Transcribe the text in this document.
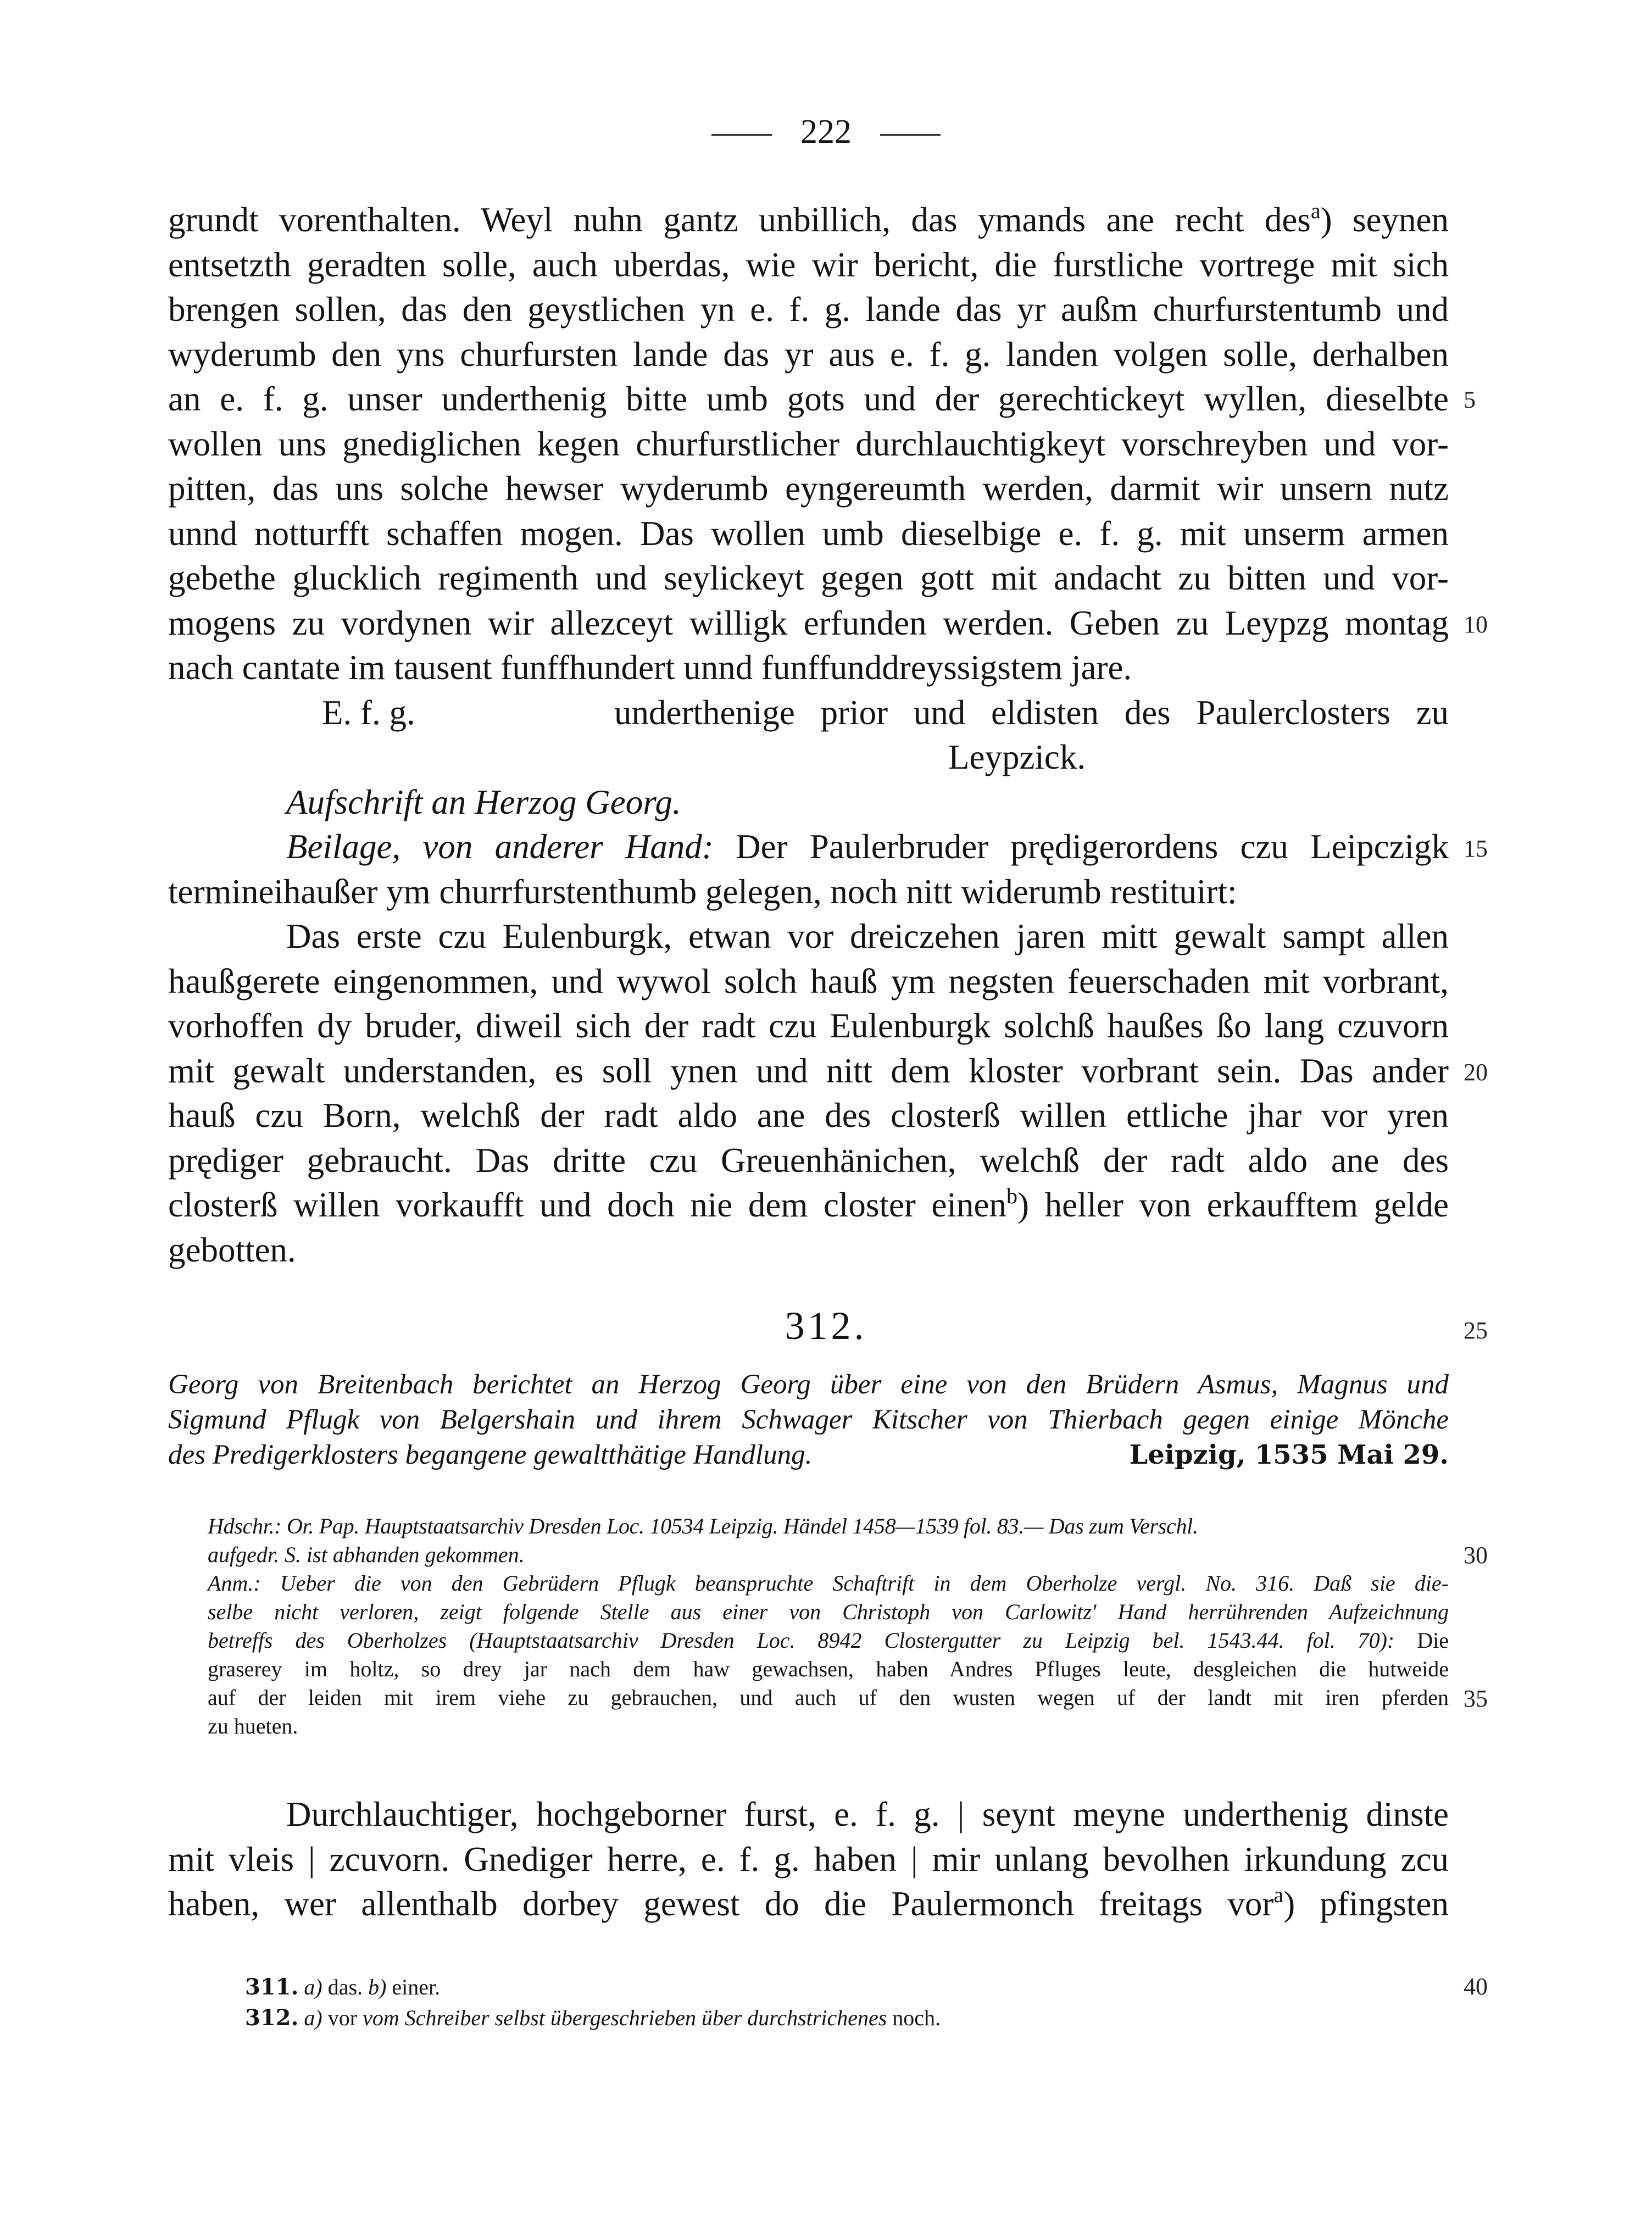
222
grundt vorenthalten. Weyl nuhn gantz unbillich, das ymands ane recht des$^a$) seynen
entsetzth geradten solle, auch uberdas, wie wir bericht, die furstliche vortrege mit sich
brengen sollen, das den geystlichen yn e. f. g. lande das yr außm churfurstentumb und
wyderumb den yns churfursten lande das yr aus e. f. g. landen volgen solle, derhalben
an e. f. g. unser underthenig bitte umb gots und der gerechtickeyt wyllen, dieselbte
wollen uns gnediglichen kegen churfurstlicher durchlauchtigkeyt vorschreyben und vor-
pitten, das uns solche hewser wyderumb eyngereumth werden, darmit wir unsern nutz
unnd notturfft schaffen mogen. Das wollen umb dieselbige e. f. g. mit unserm armen
gebethe glucklich regimenth und seylickeyt gegen gott mit andacht zu bitten und vor-
mogens zu vordynen wir allezceyt willigk erfunden werden. Geben zu Leypzg montag
nach cantate im tausent funffhundert unnd funffunddreyssigstem jare.
E. f. g.	underthenige prior und eldisten des Paulerclosters zu
Leypzick.
Aufschrift an Herzog Georg.
Beilage, von anderer Hand: Der Paulerbruder prędigerordens czu Leipczigk
termineihaußer ym churrfurstenthumb gelegen, noch nitt widerumb restituirt:
Das erste czu Eulenburgk, etwan vor dreiczehen jaren mitt gewalt sampt allen
haußgerete eingenommen, und wywol solch hauß ym negsten feuerschaden mit vorbrant,
vorhoffen dy bruder, diweil sich der radt czu Eulenburgk solchß haußes ßo lang czuvorn
mit gewalt understanden, es soll ynen und nitt dem kloster vorbrant sein. Das ander
hauß czu Born, welchß der radt aldo ane des closterß willen ettliche jhar vor yren
prędiger gebraucht. Das dritte czu Greuenhänichen, welchß der radt aldo ane des
closterß willen vorkaufft und doch nie dem closter einen$^b$) heller von erkaufftem gelde
gebotten.
5
10
15
20
25
30
35
40
312.
Georg von Breitenbach berichtet an Herzog Georg über eine von den Brüdern Asmus, Magnus und
Sigmund Pflugk von Belgershain und ihrem Schwager Kitscher von Thierbach gegen einige Mönche
des Predigerklosters begangene gewaltthätige Handlung.	Leipzig, 1535 Mai 29.
Hdschr.: Or. Pap. Hauptstaatsarchiv Dresden Loc. 10534 Leipzig. Händel 1458—1539 fol. 83.— Das zum Verschl.
aufgedr. S. ist abhanden gekommen.
Anm.: Ueber die von den Gebrüdern Pflugk beanspruchte Schaftrift in dem Oberholze vergl. No. 316. Daß sie die-
selbe nicht verloren, zeigt folgende Stelle aus einer von Christoph von Carlowitz' Hand herrührenden Aufzeichnung
betreffs des Oberholzes (Hauptstaatsarchiv Dresden Loc. 8942 Clostergutter zu Leipzig bel. 1543.44. fol. 70): Die
graserey im holtz, so drey jar nach dem haw gewachsen, haben Andres Pfluges leute, desgleichen die hutweide
auf der leiden mit irem viehe zu gebrauchen, und auch uf den wusten wegen uf der landt mit iren pferden
zu hueten.
Durchlauchtiger, hochgeborner furst, e. f. g. | seynt meyne underthenig dinste
mit vleis | zcuvorn. Gnediger herre, e. f. g. haben | mir unlang bevolhen irkundung zcu
haben, wer allenthalb dorbey gewest do die Paulermonch freitags vor$^a$) pfingsten
311. a) das. b) einer.
312. a) vor vom Schreiber selbst übergeschrieben über durchstrichenes noch.
